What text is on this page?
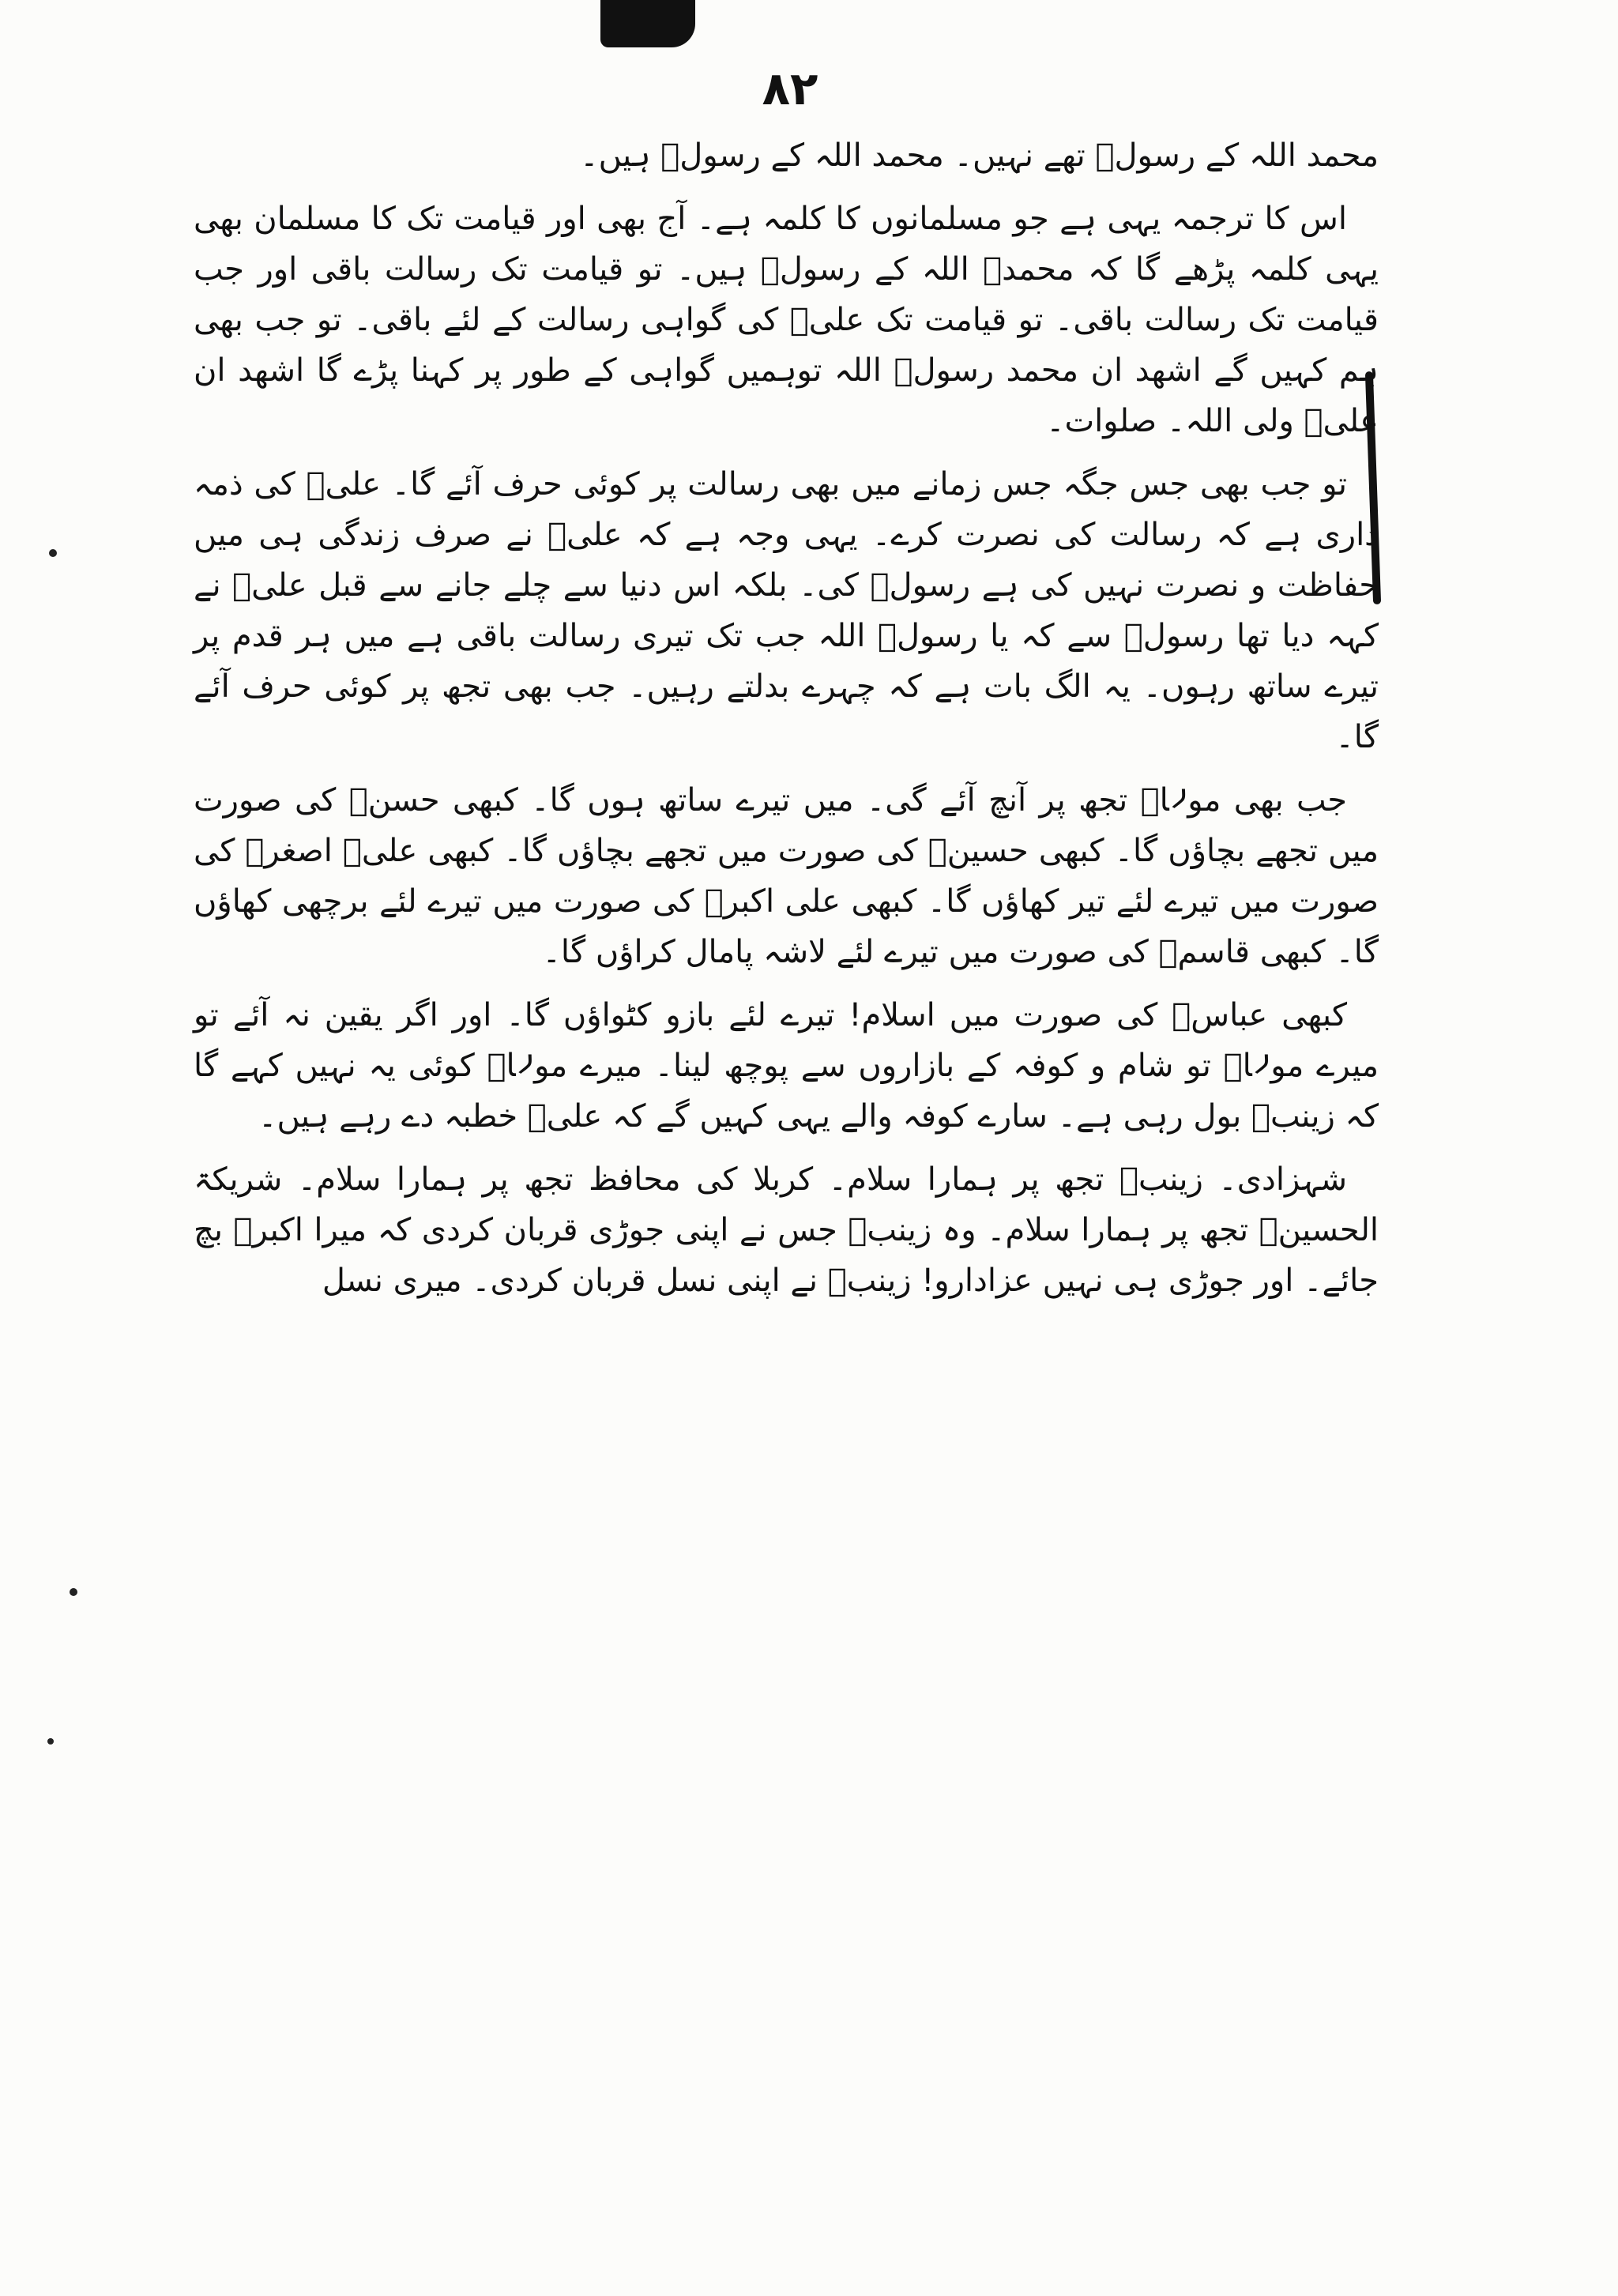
۸۲

محمد اللہ کے رسولؐ تھے نہیں۔ محمد اللہ کے رسولؐ ہیں۔

اس کا ترجمہ یہی ہے جو مسلمانوں کا کلمہ ہے۔ آج بھی اور قیامت تک کا مسلمان بھی یہی کلمہ پڑھے گا کہ محمدؐ اللہ کے رسولؐ ہیں۔ تو قیامت تک رسالت باقی اور جب قیامت تک رسالت باقی۔ تو قیامت تک علیؑ کی گواہی رسالت کے لئے باقی۔ تو جب بھی ہم کہیں گے اشھد ان محمد رسولؐ اللہ توہمیں گواہی کے طور پر کہنا پڑے گا اشھد ان علیؑ ولی اللہ۔ صلوات۔

تو جب بھی جس جگہ جس زمانے میں بھی رسالت پر کوئی حرف آئے گا۔ علیؑ کی ذمہ داری ہے کہ رسالت کی نصرت کرے۔ یہی وجہ ہے کہ علیؑ نے صرف زندگی ہی میں حفاظت و نصرت نہیں کی ہے رسولؐ کی۔ بلکہ اس دنیا سے چلے جانے سے قبل علیؑ نے کہہ دیا تھا رسولؐ سے کہ یا رسولؐ اللہ جب تک تیری رسالت باقی ہے میں ہر قدم پر تیرے ساتھ رہوں۔ یہ الگ بات ہے کہ چہرے بدلتے رہیں۔ جب بھی تجھ پر کوئی حرف آئے گا۔

جب بھی مولاؑ تجھ پر آنچ آئے گی۔ میں تیرے ساتھ ہوں گا۔ کبھی حسنؑ کی صورت میں تجھے بچاؤں گا۔ کبھی حسینؑ کی صورت میں تجھے بچاؤں گا۔ کبھی علیؑ اصغرؑ کی صورت میں تیرے لئے تیر کھاؤں گا۔ کبھی علی اکبرؑ کی صورت میں تیرے لئے برچھی کھاؤں گا۔ کبھی قاسمؑ کی صورت میں تیرے لئے لاشہ پامال کراؤں گا۔

کبھی عباسؑ کی صورت میں اسلام! تیرے لئے بازو کٹواؤں گا۔ اور اگر یقین نہ آئے تو میرے مولاؑ تو شام و کوفہ کے بازاروں سے پوچھ لینا۔ میرے مولاؑ کوئی یہ نہیں کہے گا کہ زینبؑ بول رہی ہے۔ سارے کوفہ والے یہی کہیں گے کہ علیؑ خطبہ دے رہے ہیں۔

شہزادی۔ زینبؑ تجھ پر ہمارا سلام۔ کربلا کی محافظ تجھ پر ہمارا سلام۔ شریکۃ الحسینؑ تجھ پر ہمارا سلام۔ وہ زینبؑ جس نے اپنی جوڑی قربان کردی کہ میرا اکبرؑ بچ جائے۔ اور جوڑی ہی نہیں عزادارو! زینبؑ نے اپنی نسل قربان کردی۔ میری نسل
